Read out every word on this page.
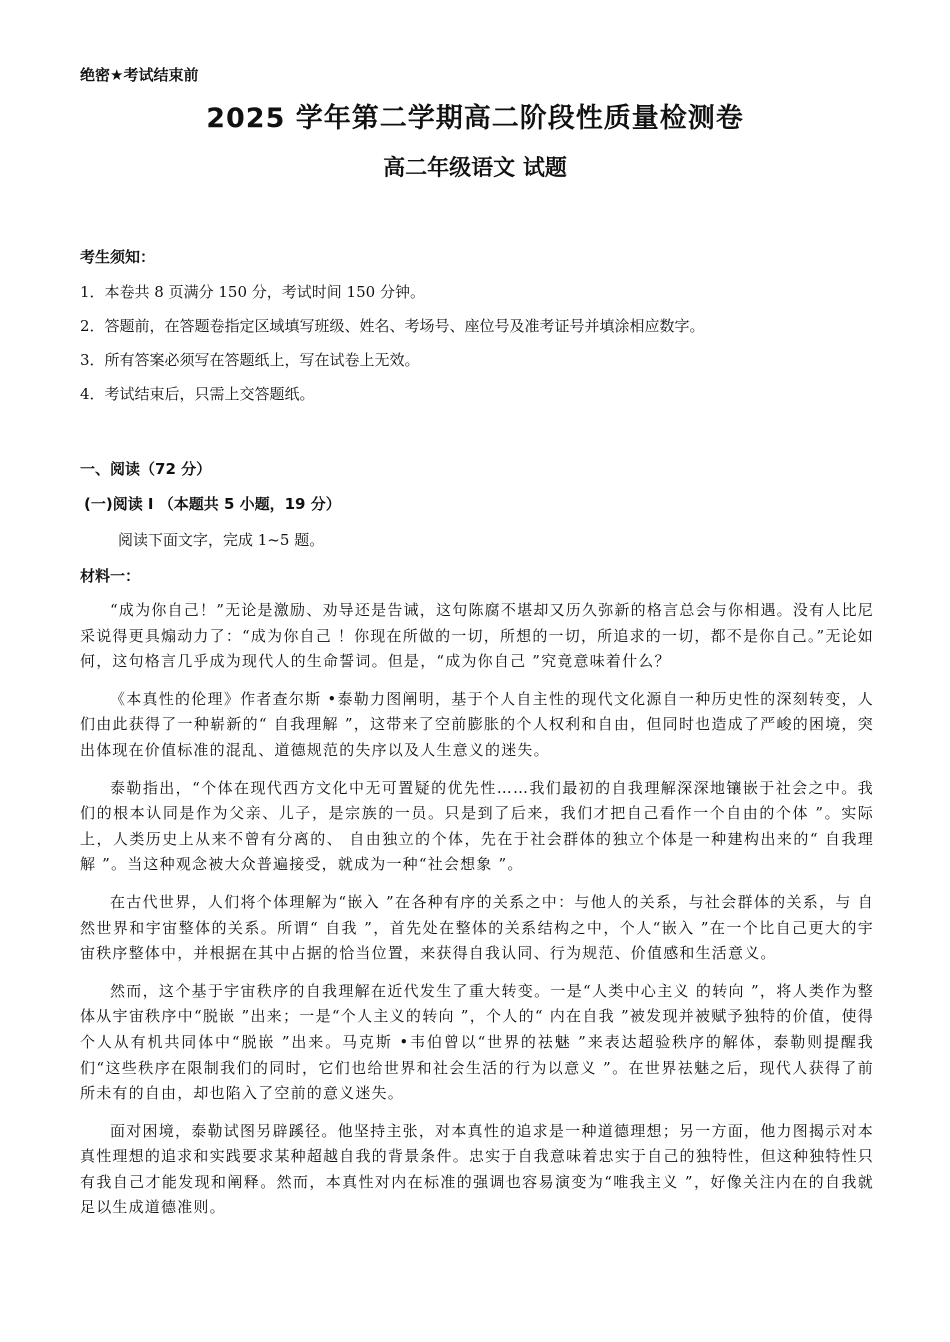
绝密★考试结束前
2025 学年第二学期高二阶段性质量检测卷
高二年级语文 试题
考生须知：
1．本卷共 8 页满分 150 分，考试时间 150 分钟。
2．答题前，在答题卷指定区域填写班级、姓名、考场号、座位号及准考证号并填涂相应数字。
3．所有答案必须写在答题纸上，写在试卷上无效。
4．考试结束后，只需上交答题纸。
一、阅读（72 分）
(一)阅读 Ⅰ （本题共 5 小题，19 分）
阅读下面文字，完成 1~5 题。
材料一：

“成为你自己！”无论是激励、劝导还是告诫，这句陈腐不堪却又历久弥新的格言总会与你相遇。没有人比尼采说得更具煽动力了：“成为你自己 ！你现在所做的一切，所想的一切，所追求的一切，都不是你自己。”无论如何，这句格言几乎成为现代人的生命誓词。但是，“成为你自己 ”究竟意味着什么？

《本真性的伦理》作者查尔斯 •泰勒力图阐明，基于个人自主性的现代文化源自一种历史性的深刻转变，人们由此获得了一种崭新的“ 自我理解 ”，这带来了空前膨胀的个人权利和自由，但同时也造成了严峻的困境，突出体现在价值标准的混乱、道德规范的失序以及人生意义的迷失。

泰勒指出，“个体在现代西方文化中无可置疑的优先性……我们最初的自我理解深深地镶嵌于社会之中。我们的根本认同是作为父亲、儿子，是宗族的一员。只是到了后来，我们才把自己看作一个自由的个体 ”。实际上，人类历史上从来不曾有分离的、 自由独立的个体，先在于社会群体的独立个体是一种建构出来的“ 自我理解 ”。当这种观念被大众普遍接受，就成为一种“社会想象 ”。

在古代世界，人们将个体理解为“嵌入 ”在各种有序的关系之中：与他人的关系，与社会群体的关系，与 自然世界和宇宙整体的关系。所谓“ 自我 ”，首先处在整体的关系结构之中，个人“嵌入 ”在一个比自己更大的宇宙秩序整体中，并根据在其中占据的恰当位置，来获得自我认同、行为规范、价值感和生活意义。

然而，这个基于宇宙秩序的自我理解在近代发生了重大转变。一是“人类中心主义 的转向 ”，将人类作为整体从宇宙秩序中“脱嵌 ”出来；一是“个人主义的转向 ”，个人的“ 内在自我 ”被发现并被赋予独特的价值，使得个人从有机共同体中“脱嵌 ”出来。马克斯 •韦伯曾以“世界的祛魅 ”来表达超验秩序的解体，泰勒则提醒我们“这些秩序在限制我们的同时，它们也给世界和社会生活的行为以意义 ”。在世界祛魅之后，现代人获得了前所未有的自由，却也陷入了空前的意义迷失。

面对困境，泰勒试图另辟蹊径。他坚持主张，对本真性的追求是一种道德理想；另一方面，他力图揭示对本真性理想的追求和实践要求某种超越自我的背景条件。忠实于自我意味着忠实于自己的独特性，但这种独特性只有我自己才能发现和阐释。然而，本真性对内在标准的强调也容易演变为“唯我主义 ”，好像关注内在的自我就足以生成道德准则。
